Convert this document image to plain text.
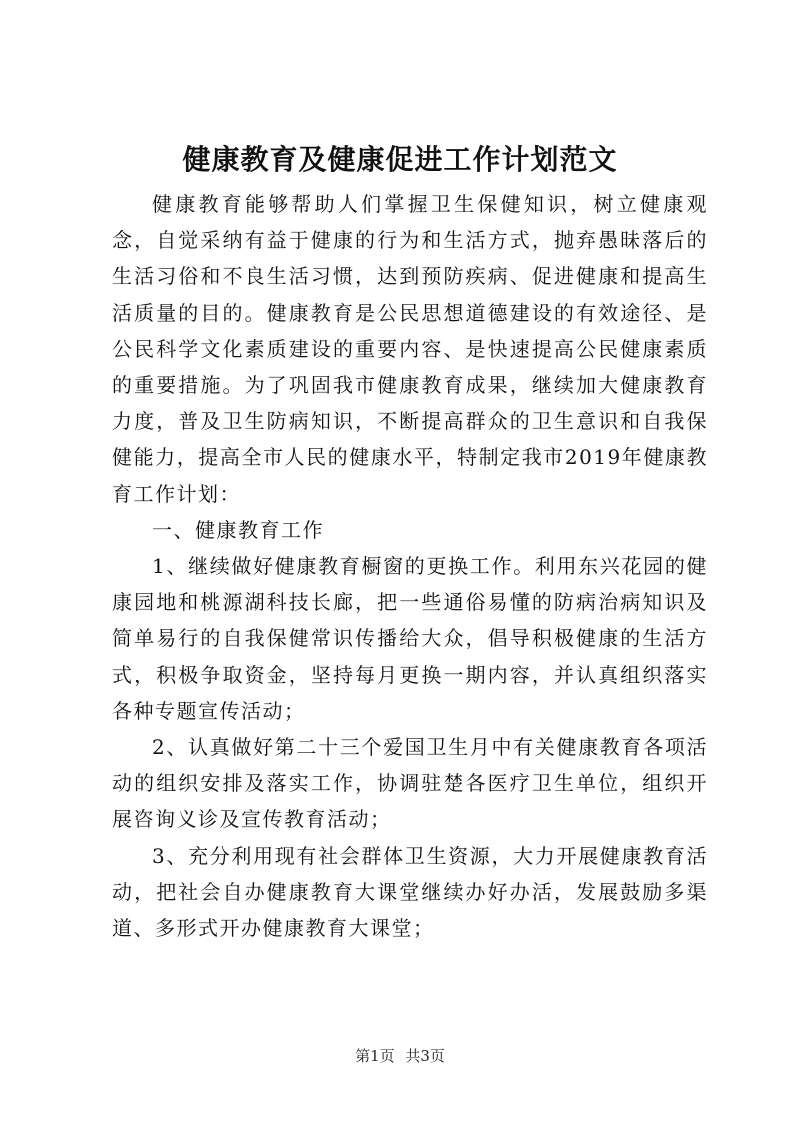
健康教育及健康促进工作计划范文

健康教育能够帮助人们掌握卫生保健知识，树立健康观念，自觉采纳有益于健康的行为和生活方式，抛弃愚昧落后的生活习俗和不良生活习惯，达到预防疾病、促进健康和提高生活质量的目的。健康教育是公民思想道德建设的有效途径、是公民科学文化素质建设的重要内容、是快速提高公民健康素质的重要措施。为了巩固我市健康教育成果，继续加大健康教育力度，普及卫生防病知识，不断提高群众的卫生意识和自我保健能力，提高全市人民的健康水平，特制定我市2019年健康教育工作计划：

一、健康教育工作

1、继续做好健康教育橱窗的更换工作。利用东兴花园的健康园地和桃源湖科技长廊，把一些通俗易懂的防病治病知识及简单易行的自我保健常识传播给大众，倡导积极健康的生活方式，积极争取资金，坚持每月更换一期内容，并认真组织落实各种专题宣传活动；

2、认真做好第二十三个爱国卫生月中有关健康教育各项活动的组织安排及落实工作，协调驻楚各医疗卫生单位，组织开展咨询义诊及宣传教育活动；

3、充分利用现有社会群体卫生资源，大力开展健康教育活动，把社会自办健康教育大课堂继续办好办活，发展鼓励多渠道、多形式开办健康教育大课堂；

第1页 共3页
